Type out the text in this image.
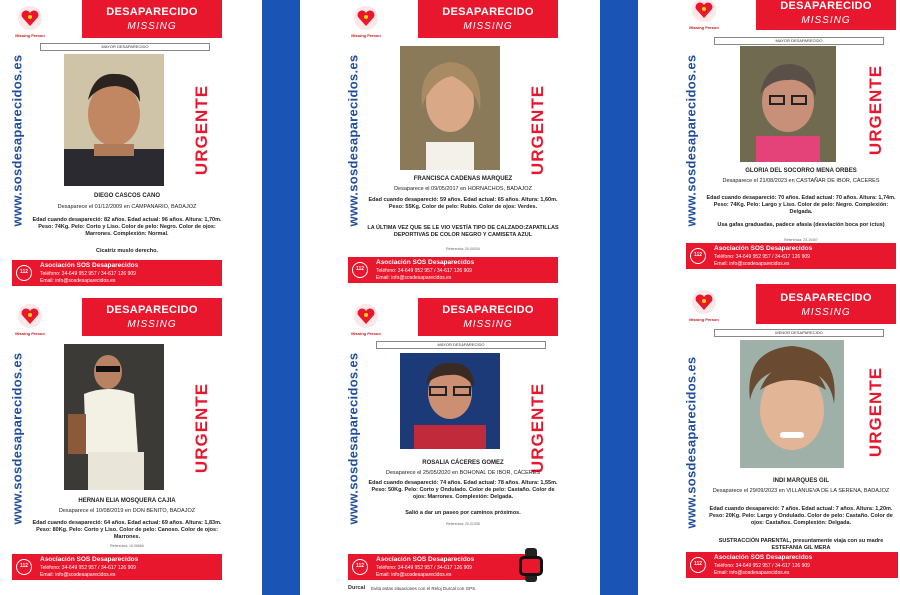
Missing Person
DESAPARECIDO
MISSING
www.sosdesaparecidos.es
MAYOR DESAPARECIDO
URGENTE
DIEGO CASCOS CANO
Desaparece el 01/12/2009 en CAMPANARIO, BADAJOZ
Edad cuando desapareció: 82 años. Edad actual: 96 años. Altura: 1,70m. Peso: 74Kg. Pelo: Corto y Liso. Color de pelo: Negro. Color de ojos: Marrones. Complexión: Normal.
Cicatriz muslo derecho.
112
Asociación SOS Desaparecidos
Teléfono: 34-649 952 957 / 34-617 126 909
Email: info@sosdesaparecidos.es
Missing Person
DESAPARECIDO
MISSING
www.sosdesaparecidos.es	URGENTE
FRANCISCA CADENAS MARQUEZ
Desaparece el 09/05/2017 en HORNACHOS, BADAJOZ
Edad cuando desapareció: 59 años. Edad actual: 65 años. Altura: 1,60m. Peso: 55Kg. Color de pelo: Rubio. Color de ojos: Verdes.
LA ÚLTIMA VEZ QUE SE LE VIO VESTÍA TIPO DE CALZADO:ZAPATILLAS DEPORTIVAS DE COLOR NEGRO Y CAMISETA AZUL
Referencia: 20-00034
112
Asociación SOS Desaparecidos
Teléfono: 34-649 952 957 / 34-617 126 909
Email: info@sosdesaparecidos.es
Missing Person
DESAPARECIDO
MISSING
www.sosdesaparecidos.es
MAYOR DESAPARECIDO
URGENTE
GLORIA DEL SOCORRO MENA ORBES
Desaparece el 21/08/2023 en CASTAÑAR DE IBOR, CÁCERES
Edad cuando desapareció: 70 años. Edad actual: 70 años. Altura: 1,74m. Peso: 74Kg. Pelo: Largo y Liso. Color de pelo: Negro. Complexión: Delgada.
Usa gafas graduadas, padece afasia (desviación boca por ictus)
Referencia: 23-10457
112
Asociación SOS Desaparecidos
Teléfono: 34-649 952 957 / 34-617 126 909
Email: info@sosdesaparecidos.es
Missing Person
DESAPARECIDO
MISSING
www.sosdesaparecidos.es	URGENTE
HERNAN ELIA MOSQUERA CAJIA
Desaparece el 10/08/2019 en DON BENITO, BADAJOZ
Edad cuando desapareció: 64 años. Edad actual: 69 años. Altura: 1,83m. Peso: 80Kg. Pelo: Corto y Liso. Color de pelo: Canoso. Color de ojos: Marrones.
Referencia: 19-06666
112
Asociación SOS Desaparecidos
Teléfono: 34-649 952 957 / 34-617 126 909
Email: info@sosdesaparecidos.es
Missing Person
DESAPARECIDO
MISSING
www.sosdesaparecidos.es
MAYOR DESAPARECIDO
URGENTE
ROSALIA CÁCERES GOMEZ
Desaparece el 25/05/2020 en BOHONAL DE IBOR, CÁCERES
Edad cuando desapareció: 74 años. Edad actual: 78 años. Altura: 1,55m. Peso: 50Kg. Pelo: Corto y Ondulado. Color de pelo: Castaño. Color de ojos: Marrones. Complexión: Delgada.
Salió a dar un paseo por caminos próximos.
Referencia: 20-02336
112
Asociación SOS Desaparecidos
Teléfono: 34-649 952 957 / 34-617 126 909
Email: info@sosdesaparecidos.es
Durcal Evita estas situaciones con el Reloj Durcal con GPS.
Missing Person
DESAPARECIDO
MISSING
www.sosdesaparecidos.es
MENOR DESAPARECIDO
URGENTE
INDI MARQUES GIL
Desaparece el 29/09/2023 en VILLANUEVA DE LA SERENA, BADAJOZ
Edad cuando desapareció: 7 años. Edad actual: 7 años. Altura: 1,20m. Peso: 20Kg. Pelo: Largo y Ondulado. Color de pelo: Castaño. Color de ojos: Castaños. Complexión: Delgada.
SUSTRACCIÓN PARENTAL, presuntamente viaja con su madre ESTEFANIA GIL MERA
112
Asociación SOS Desaparecidos
Teléfono: 34-649 952 957 / 34-617 126 909
Email: info@sosdesaparecidos.es
